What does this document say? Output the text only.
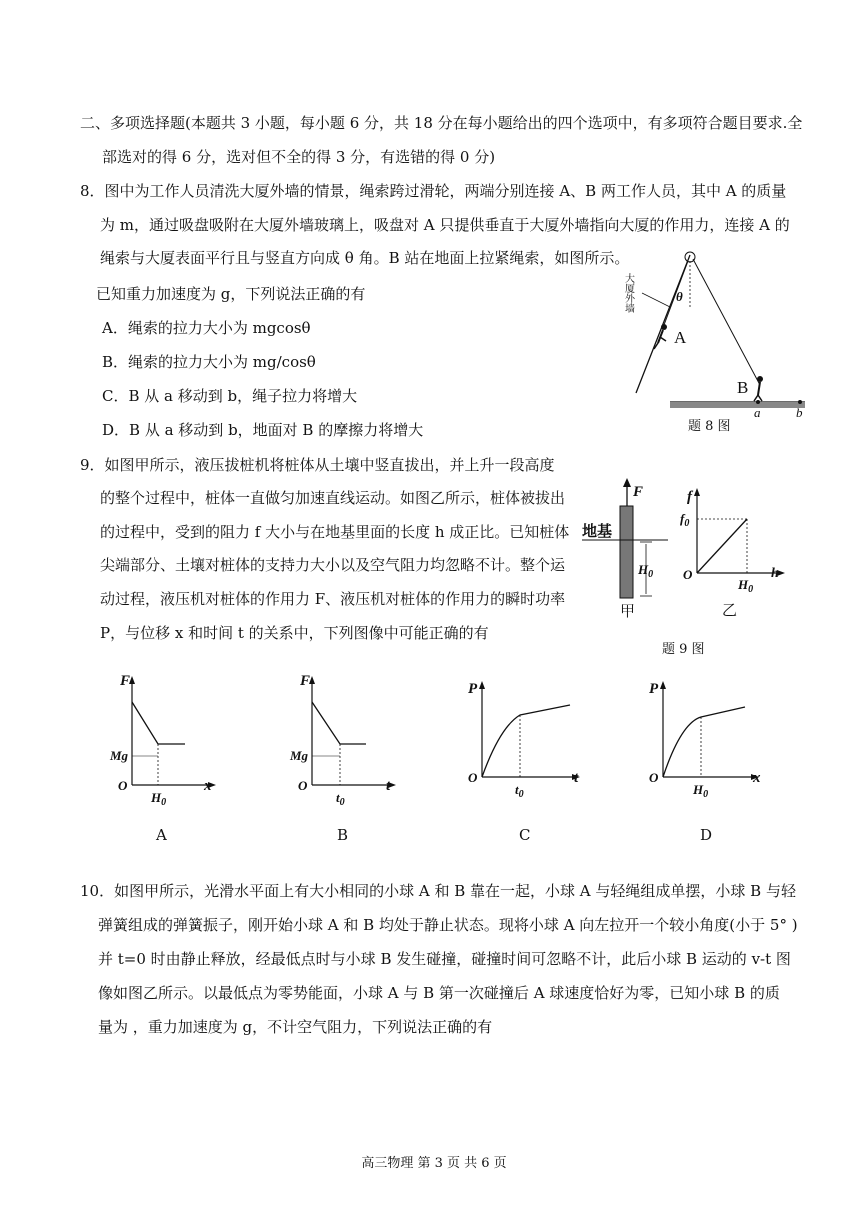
二、多项选择题(本题共 3 小题，每小题 6 分，共 18 分在每小题给出的四个选项中，有多项符合题目要求.全
部选对的得 6 分，选对但不全的得 3 分，有选错的得 0 分)
8．图中为工作人员清洗大厦外墙的情景，绳索跨过滑轮，两端分别连接 A、B 两工作人员，其中 A 的质量
为 m，通过吸盘吸附在大厦外墙玻璃上，吸盘对 A 只提供垂直于大厦外墙指向大厦的作用力，连接 A 的
绳索与大厦表面平行且与竖直方向成 θ 角。B 站在地面上拉紧绳索，如图所示。
已知重力加速度为 g，下列说法正确的有
A．绳索的拉力大小为 mgcosθ
B．绳索的拉力大小为 mg/cosθ
C．B 从 a 移动到 b，绳子拉力将增大
D．B 从 a 移动到 b，地面对 B 的摩擦力将增大
θ
大厦外墙
A
B
a	b
题 8 图
9．如图甲所示，液压拔桩机将桩体从土壤中竖直拔出，并上升一段高度
的整个过程中，桩体一直做匀加速直线运动。如图乙所示，桩体被拔出
的过程中，受到的阻力 f 大小与在地基里面的长度 h 成正比。已知桩体
尖端部分、土壤对桩体的支持力大小以及空气阻力均忽略不计。整个运
动过程，液压机对桩体的作用力 F、液压机对桩体的作用力的瞬时功率
P，与位移 x 和时间 t 的关系中，下列图像中可能正确的有
F
地基
$H_0$
甲
f
$f_0$
O
$H_0$
h
乙
题 9 图
F
Mg
O
$H_0$
x
A
F
Mg
O
$t_0$
t
B
P
O
$t_0$
t
C
P
O
$H_0$
x
D
10．如图甲所示，光滑水平面上有大小相同的小球 A 和 B 靠在一起，小球 A 与轻绳组成单摆，小球 B 与轻
弹簧组成的弹簧振子，刚开始小球 A 和 B 均处于静止状态。现将小球 A 向左拉开一个较小角度(小于 5° )
并 t=0 时由静止释放，经最低点时与小球 B 发生碰撞，碰撞时间可忽略不计，此后小球 B 运动的 v-t 图
像如图乙所示。以最低点为零势能面，小球 A 与 B 第一次碰撞后 A 球速度恰好为零，已知小球 B 的质
量为 ，重力加速度为 g，不计空气阻力，下列说法正确的有
高三物理 第 3 页 共 6 页
